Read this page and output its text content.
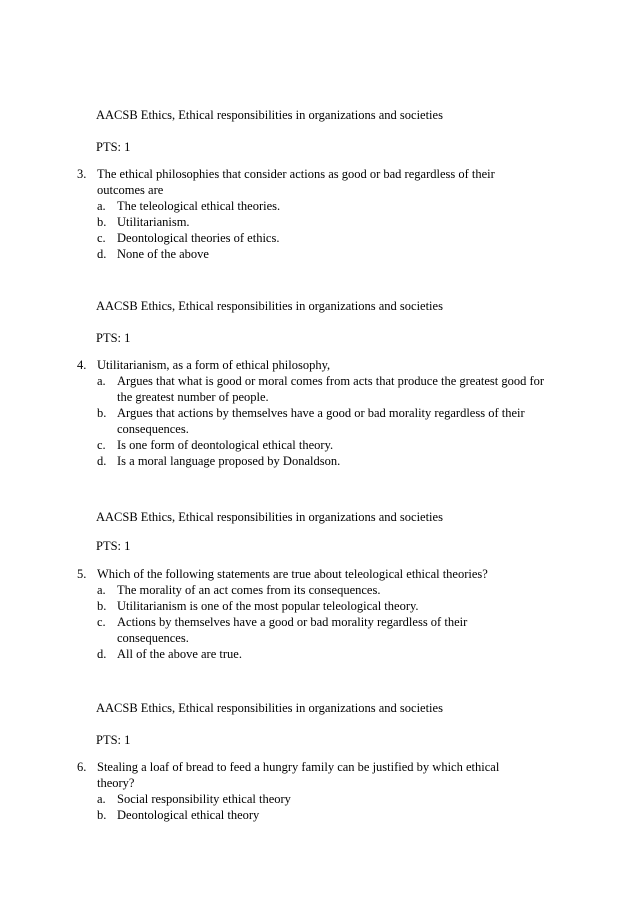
AACSB Ethics, Ethical responsibilities in organizations and societies
PTS: 1
3. The ethical philosophies that consider actions as good or bad regardless of their outcomes are
a. The teleological ethical theories.
b. Utilitarianism.
c. Deontological theories of ethics.
d. None of the above
AACSB Ethics, Ethical responsibilities in organizations and societies
PTS: 1
4. Utilitarianism, as a form of ethical philosophy,
a. Argues that what is good or moral comes from acts that produce the greatest good for the greatest number of people.
b. Argues that actions by themselves have a good or bad morality regardless of their consequences.
c. Is one form of deontological ethical theory.
d. Is a moral language proposed by Donaldson.
AACSB Ethics, Ethical responsibilities in organizations and societies
PTS: 1
5. Which of the following statements are true about teleological ethical theories?
a. The morality of an act comes from its consequences.
b. Utilitarianism is one of the most popular teleological theory.
c. Actions by themselves have a good or bad morality regardless of their consequences.
d. All of the above are true.
AACSB Ethics, Ethical responsibilities in organizations and societies
PTS: 1
6. Stealing a loaf of bread to feed a hungry family can be justified by which ethical theory?
a. Social responsibility ethical theory
b. Deontological ethical theory
